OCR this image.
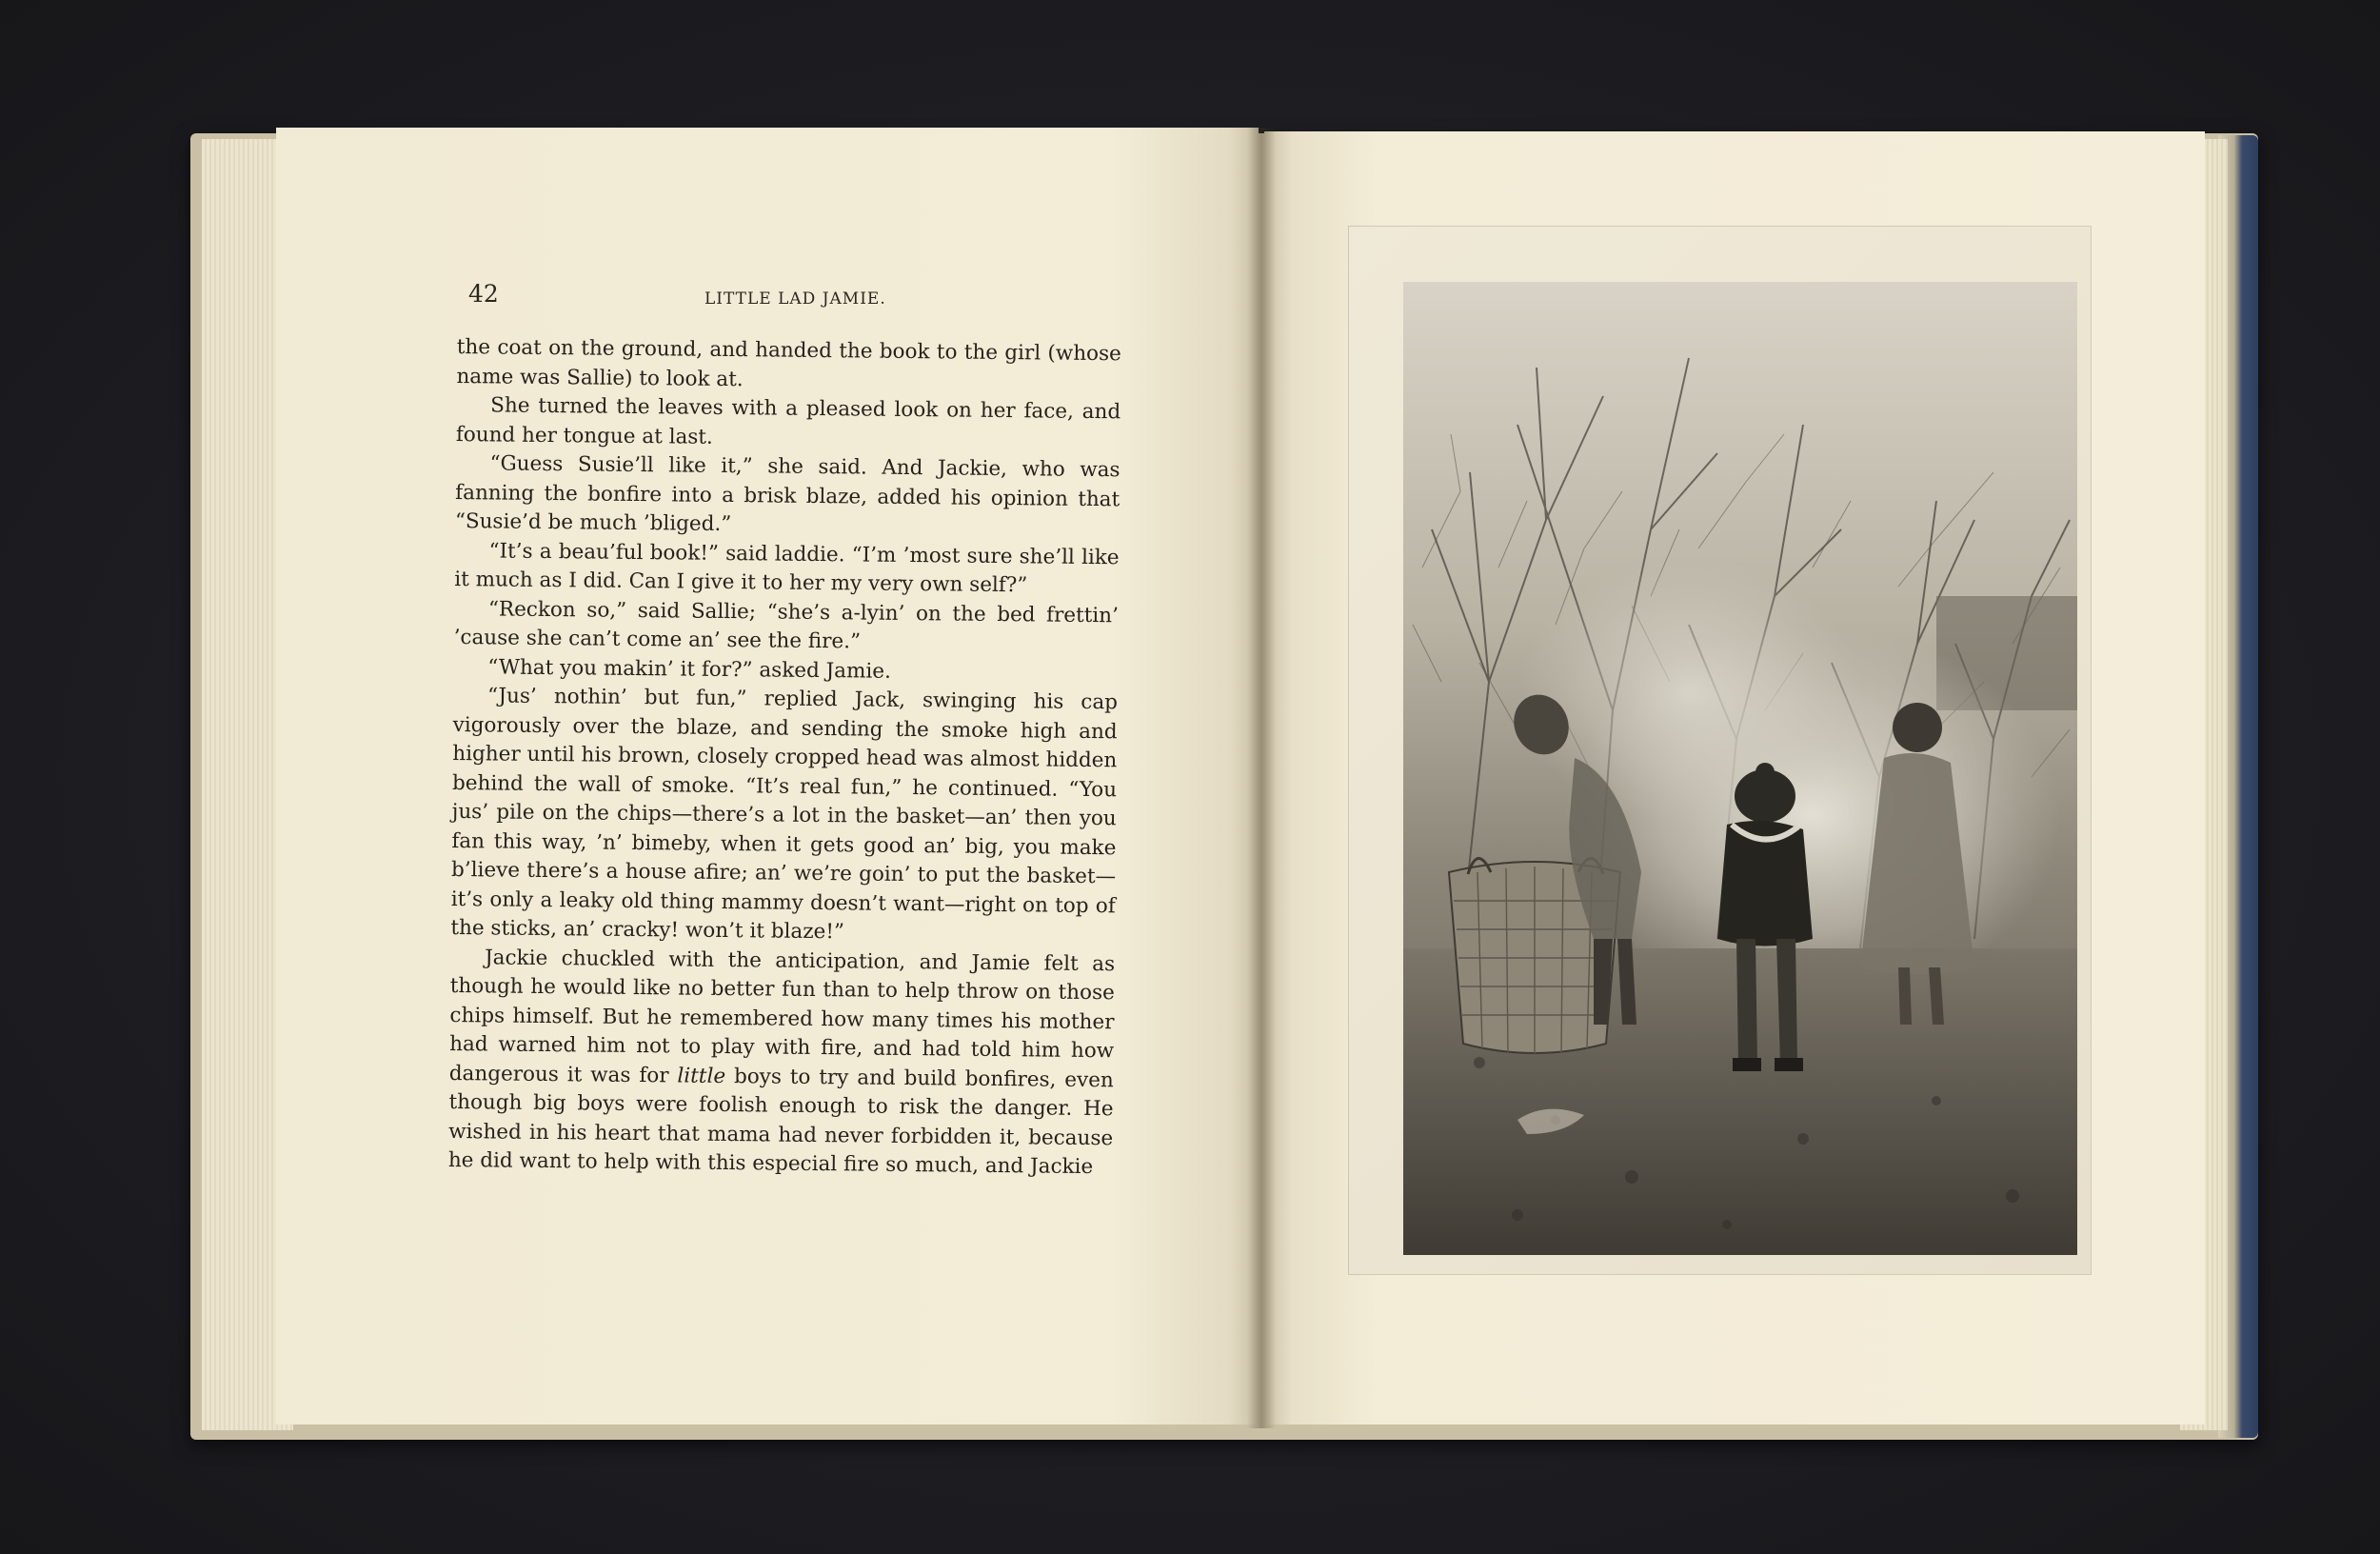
42	LITTLE LAD JAMIE.

the coat on the ground, and handed the book to the girl (whose name was Sallie) to look at.

She turned the leaves with a pleased look on her face, and found her tongue at last.

“Guess Susie’ll like it,” she said. And Jackie, who was fanning the bonfire into a brisk blaze, added his opinion that “Susie’d be much ’bliged.”

“It’s a beau’ful book!” said laddie. “I’m ’most sure she’ll like it much as I did. Can I give it to her my very own self?”

“Reckon so,” said Sallie; “she’s a-lyin’ on the bed frettin’ ’cause she can’t come an’ see the fire.”

“What you makin’ it for?” asked Jamie.

“Jus’ nothin’ but fun,” replied Jack, swinging his cap vigorously over the blaze, and sending the smoke high and higher until his brown, closely cropped head was almost hidden behind the wall of smoke. “It’s real fun,” he continued. “You jus’ pile on the chips—there’s a lot in the basket—an’ then you fan this way, ’n’ bimeby, when it gets good an’ big, you make b’lieve there’s a house afire; an’ we’re goin’ to put the basket—it’s only a leaky old thing mammy doesn’t want—right on top of the sticks, an’ cracky! won’t it blaze!”

Jackie chuckled with the anticipation, and Jamie felt as though he would like no better fun than to help throw on those chips himself. But he remembered how many times his mother had warned him not to play with fire, and had told him how dangerous it was for little boys to try and build bonfires, even though big boys were foolish enough to risk the danger. He wished in his heart that mama had never forbidden it, because he did want to help with this especial fire so much, and Jackie
